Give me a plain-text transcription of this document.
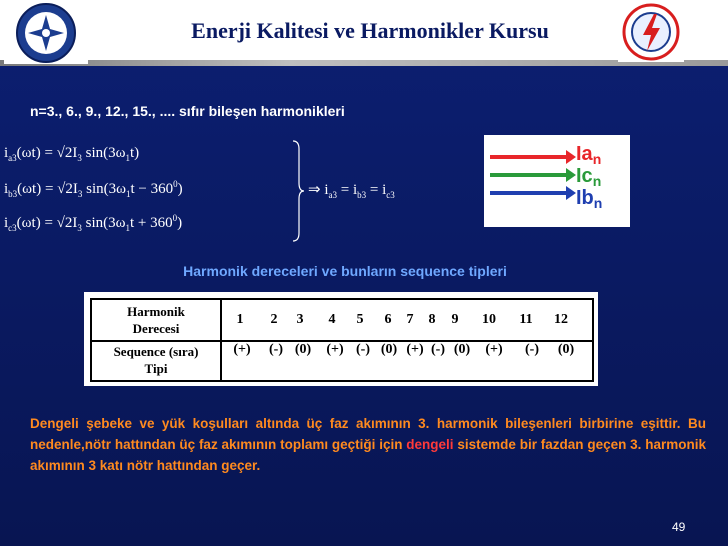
Enerji Kalitesi ve Harmonikler Kursu
n=3., 6., 9., 12., 15., .... sıfır bileşen harmonikleri
$i_{a3}(\omega t) = √2I_3$ $\sin(3\omega_1t)$
$i_{b3}(\omega t) = √2I_3$ $\sin(3\omega_1t - 360^0)$
$i_{c3}(\omega t) = √2I_3$ $\sin(3\omega_1t + 360^0)$
⇒ $i_{a3} = i_{b3} = i_{c3}$
$Ia_n$
$Ic_n$
$Ib_n$
Harmonik dereceleri ve bunların sequence tipleri
Harmonik
Derecesi
1	2	3	4	5	6	7	8	9	10	11	12
Sequence (sıra)
Tipi
(+)	(-) (0)	(+) (-) (0) (+) (-) (0)	(+)	(-)	(0)
Dengeli şebeke ve yük koşulları altında üç faz akımının 3. harmonik bileşenleri birbirine eşittir. Bu nedenle,nötr hattından üç faz akımının toplamı geçtiği için dengeli sistemde bir fazdan geçen 3. harmonik akımının 3 katı nötr hattından geçer.
49
